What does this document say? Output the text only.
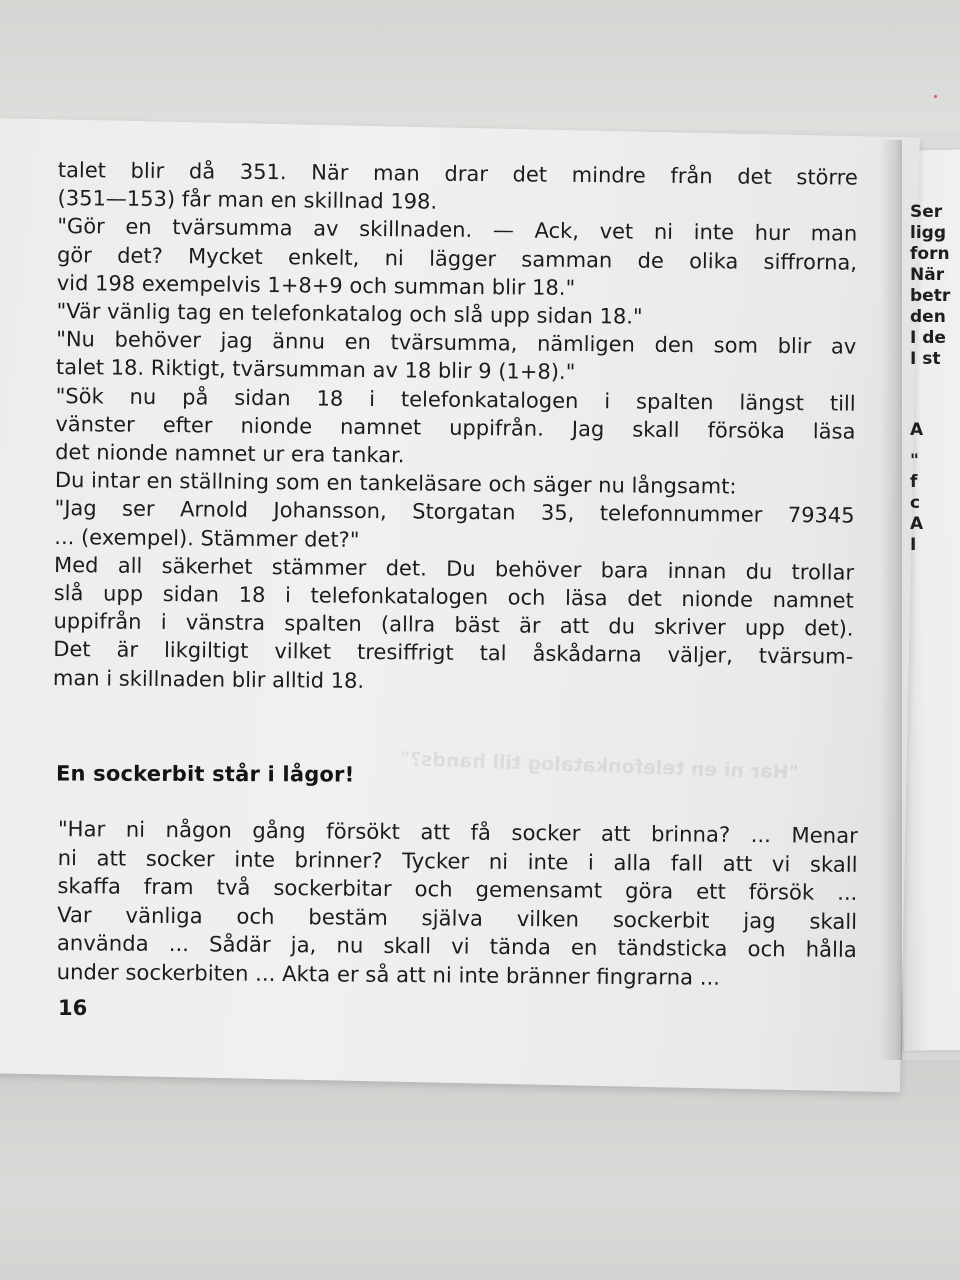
"Har ni en telefonkatalog till hands?"
talet blir då 351. När man drar det mindre från det större
(351—153) får man en skillnad 198.
"Gör en tvärsumma av skillnaden. — Ack, vet ni inte hur man
gör det? Mycket enkelt, ni lägger samman de olika siffrorna,
vid 198 exempelvis 1+8+9 och summan blir 18."
"Vär vänlig tag en telefonkatalog och slå upp sidan 18."
"Nu behöver jag ännu en tvärsumma, nämligen den som blir av
talet 18. Riktigt, tvärsumman av 18 blir 9 (1+8)."
"Sök nu på sidan 18 i telefonkatalogen i spalten längst till
vänster efter nionde namnet uppifrån. Jag skall försöka läsa
det nionde namnet ur era tankar.
Du intar en ställning som en tankeläsare och säger nu långsamt:
"Jag ser Arnold Johansson, Storgatan 35, telefonnummer 79345
... (exempel). Stämmer det?"
Med all säkerhet stämmer det. Du behöver bara innan du trollar
slå upp sidan 18 i telefonkatalogen och läsa det nionde namnet
uppifrån i vänstra spalten (allra bäst är att du skriver upp det).
Det är likgiltigt vilket tresiffrigt tal åskådarna väljer, tvärsum-
man i skillnaden blir alltid 18.
En sockerbit står i lågor!
"Har ni någon gång försökt att få socker att brinna? ... Menar
ni att socker inte brinner? Tycker ni inte i alla fall att vi skall
skaffa fram två sockerbitar och gemensamt göra ett försök ...
Var vänliga och bestäm själva vilken sockerbit jag skall
använda ... Sådär ja, nu skall vi tända en tändsticka och hålla
under sockerbiten ... Akta er så att ni inte bränner fingrarna ...
16
Ser
ligg
forn
När
betr
den
I de
I st
A
"
f
c
A
I
